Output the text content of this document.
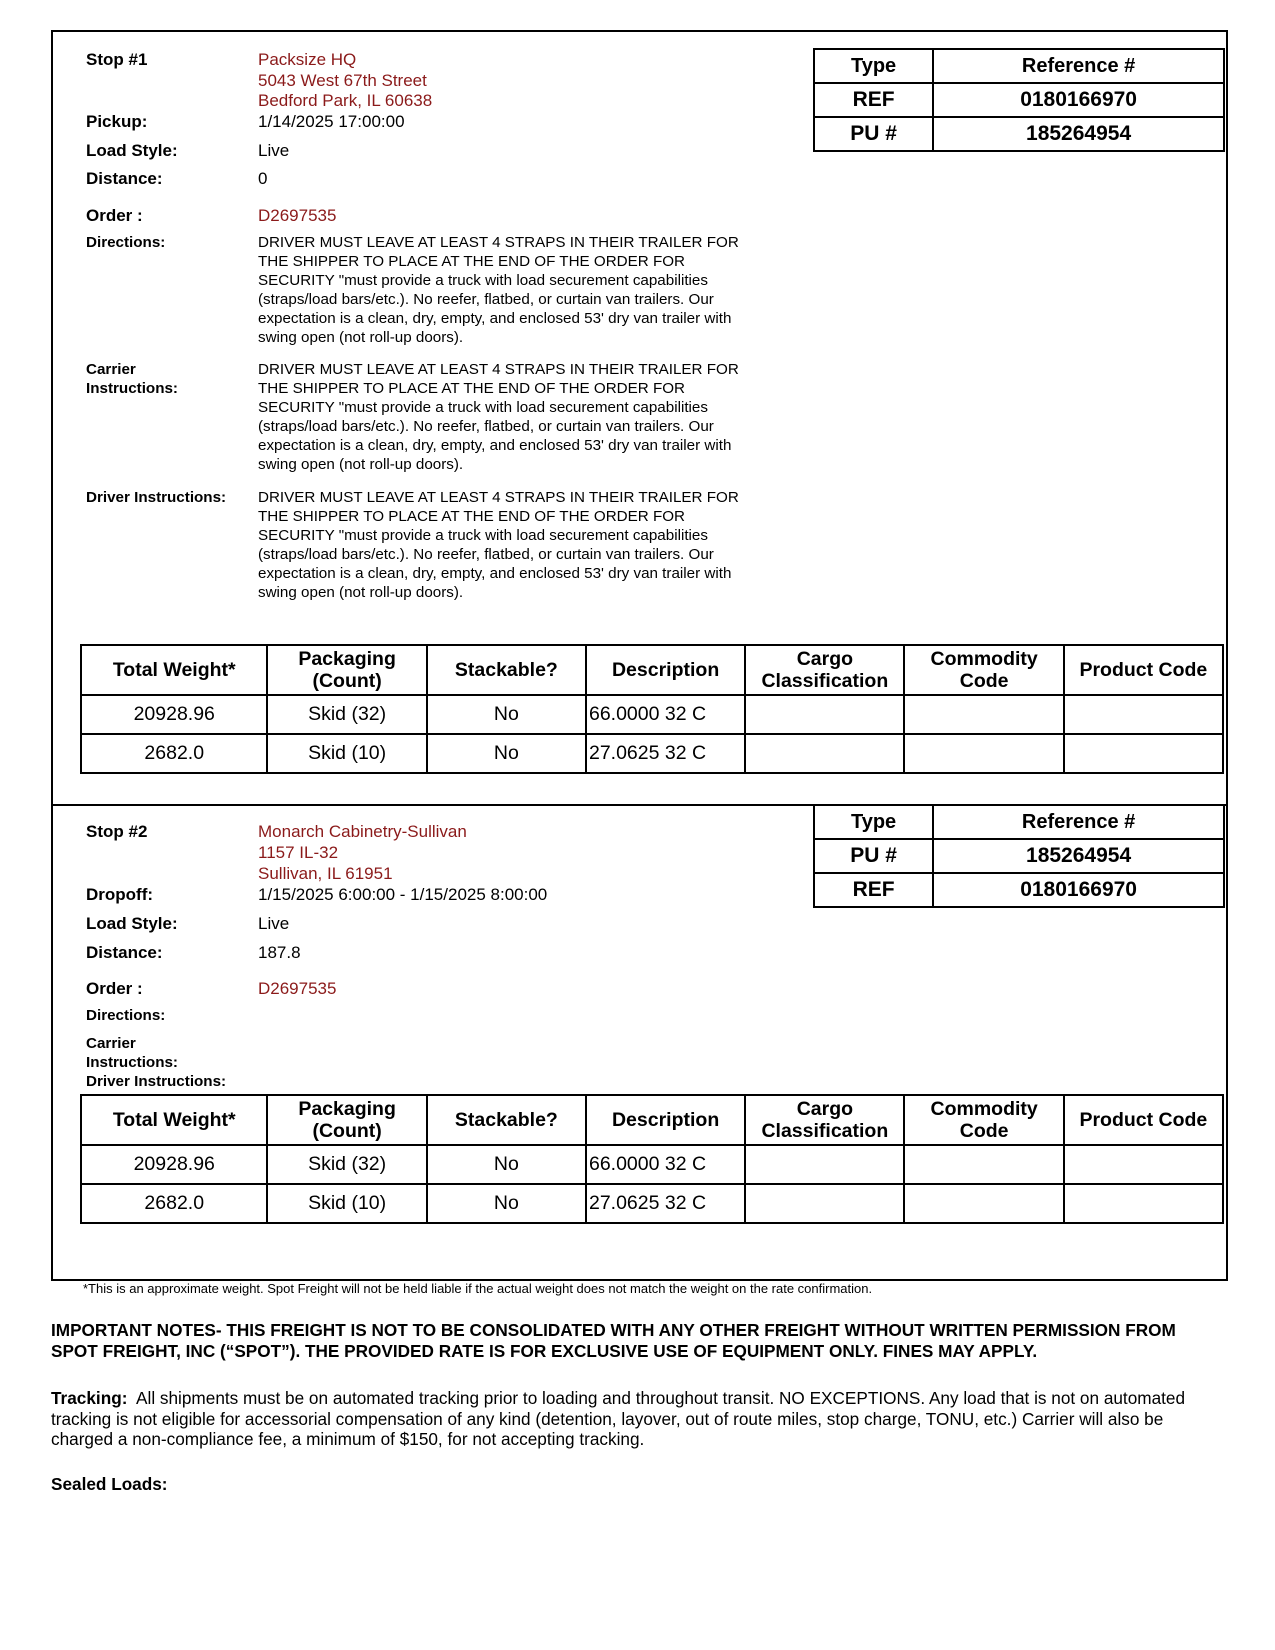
Stop #1	Packsize HQ
5043 West 67th Street
Bedford Park, IL 60638
Pickup:	1/14/2025 17:00:00
Load Style:	Live
Distance:	0
Order :	D2697535
Directions:	DRIVER MUST LEAVE AT LEAST 4 STRAPS IN THEIR TRAILER FOR THE SHIPPER TO PLACE AT THE END OF THE ORDER FOR SECURITY "must provide a truck with load securement capabilities (straps/load bars/etc.). No reefer, flatbed, or curtain van trailers. Our expectation is a clean, dry, empty, and enclosed 53' dry van trailer with swing open (not roll-up doors).
Carrier
Instructions:
DRIVER MUST LEAVE AT LEAST 4 STRAPS IN THEIR TRAILER FOR THE SHIPPER TO PLACE AT THE END OF THE ORDER FOR SECURITY "must provide a truck with load securement capabilities (straps/load bars/etc.). No reefer, flatbed, or curtain van trailers. Our expectation is a clean, dry, empty, and enclosed 53' dry van trailer with swing open (not roll-up doors).
Driver Instructions: DRIVER MUST LEAVE AT LEAST 4 STRAPS IN THEIR TRAILER FOR THE SHIPPER TO PLACE AT THE END OF THE ORDER FOR SECURITY "must provide a truck with load securement capabilities (straps/load bars/etc.). No reefer, flatbed, or curtain van trailers. Our expectation is a clean, dry, empty, and enclosed 53' dry van trailer with swing open (not roll-up doors).
Type	Reference #
REF	0180166970
PU #	185264954
Total Weight*	Packaging (Count)	Stackable?	Description	Cargo Classification	Commodity Code	Product Code
20928.96	Skid (32)	No	66.0000 32 C			
2682.0	Skid (10)	No	27.0625 32 C			
Stop #2	Monarch Cabinetry-Sullivan
1157 IL-32
Sullivan, IL 61951
Dropoff:	1/15/2025 6:00:00 - 1/15/2025 8:00:00
Load Style:	Live
Distance:	187.8
Order :	D2697535
Directions:
Carrier
Instructions:
Driver Instructions:
Type	Reference #
PU #	185264954
REF	0180166970
Total Weight*	Packaging (Count)	Stackable?	Description	Cargo Classification	Commodity Code	Product Code
20928.96	Skid (32)	No	66.0000 32 C			
2682.0	Skid (10)	No	27.0625 32 C			
*This is an approximate weight. Spot Freight will not be held liable if the actual weight does not match the weight on the rate confirmation.
IMPORTANT NOTES- THIS FREIGHT IS NOT TO BE CONSOLIDATED WITH ANY OTHER FREIGHT WITHOUT WRITTEN PERMISSION FROM SPOT FREIGHT, INC (“SPOT”). THE PROVIDED RATE IS FOR EXCLUSIVE USE OF EQUIPMENT ONLY. FINES MAY APPLY.
Tracking: All shipments must be on automated tracking prior to loading and throughout transit. NO EXCEPTIONS. Any load that is not on automated tracking is not eligible for accessorial compensation of any kind (detention, layover, out of route miles, stop charge, TONU, etc.) Carrier will also be charged a non-compliance fee, a minimum of $150, for not accepting tracking.
Sealed Loads:
